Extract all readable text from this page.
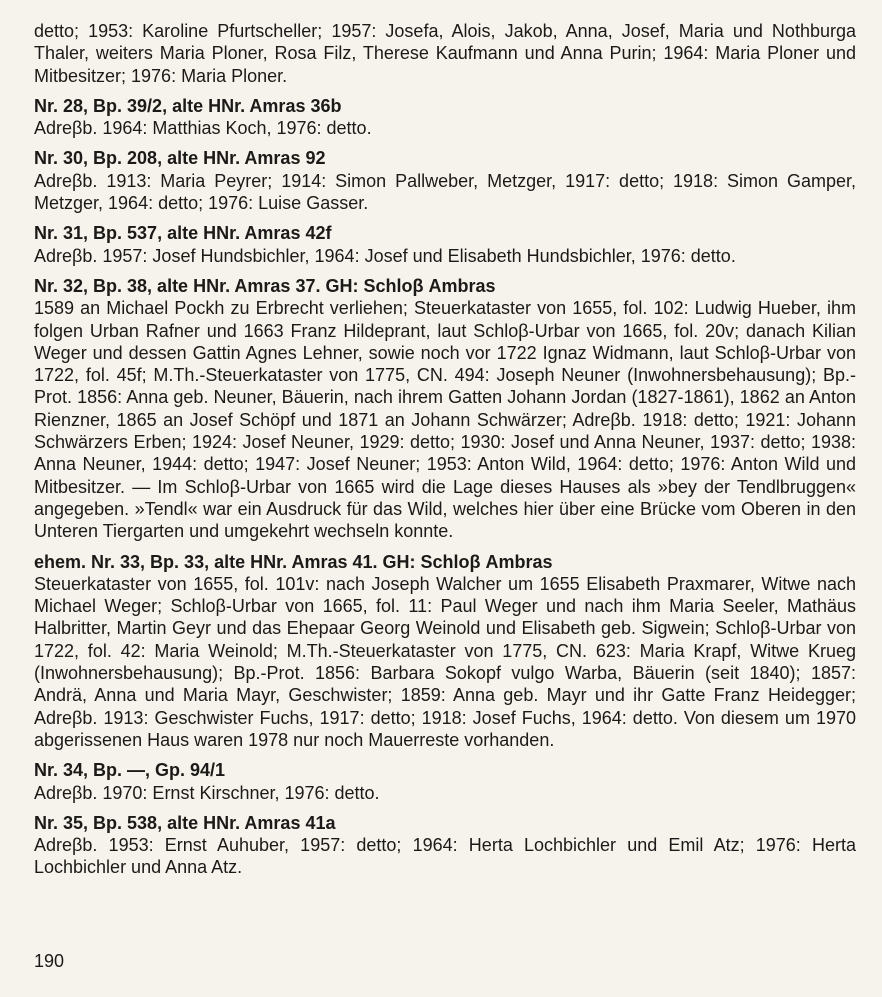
detto; 1953: Karoline Pfurtscheller; 1957: Josefa, Alois, Jakob, Anna, Josef, Maria und Nothburga Thaler, weiters Maria Ploner, Rosa Filz, Therese Kaufmann und Anna Purin; 1964: Maria Ploner und Mitbesitzer; 1976: Maria Ploner.
Nr. 28, Bp. 39/2, alte HNr. Amras 36b
Adreβb. 1964: Matthias Koch, 1976: detto.
Nr. 30, Bp. 208, alte HNr. Amras 92
Adreβb. 1913: Maria Peyrer; 1914: Simon Pallweber, Metzger, 1917: detto; 1918: Simon Gamper, Metzger, 1964: detto; 1976: Luise Gasser.
Nr. 31, Bp. 537, alte HNr. Amras 42f
Adreβb. 1957: Josef Hundsbichler, 1964: Josef und Elisabeth Hundsbichler, 1976: detto.
Nr. 32, Bp. 38, alte HNr. Amras 37. GH: Schloβ Ambras
1589 an Michael Pockh zu Erbrecht verliehen; Steuerkataster von 1655, fol. 102: Ludwig Hueber, ihm folgen Urban Rafner und 1663 Franz Hildeprant, laut Schloβ-Urbar von 1665, fol. 20v; danach Kilian Weger und dessen Gattin Agnes Lehner, sowie noch vor 1722 Ignaz Widmann, laut Schloβ-Urbar von 1722, fol. 45f; M.Th.-Steuerkataster von 1775, CN. 494: Joseph Neuner (Inwohnersbehausung); Bp.-Prot. 1856: Anna geb. Neuner, Bäuerin, nach ihrem Gatten Johann Jordan (1827-1861), 1862 an Anton Rienzner, 1865 an Josef Schöpf und 1871 an Johann Schwärzer; Adreβb. 1918: detto; 1921: Johann Schwärzers Erben; 1924: Josef Neuner, 1929: detto; 1930: Josef und Anna Neuner, 1937: detto; 1938: Anna Neuner, 1944: detto; 1947: Josef Neuner; 1953: Anton Wild, 1964: detto; 1976: Anton Wild und Mitbesitzer. — Im Schloβ-Urbar von 1665 wird die Lage dieses Hauses als »bey der Tendlbruggen« angegeben. »Tendl« war ein Ausdruck für das Wild, welches hier über eine Brücke vom Oberen in den Unteren Tiergarten und umgekehrt wechseln konnte.
ehem. Nr. 33, Bp. 33, alte HNr. Amras 41. GH: Schloβ Ambras
Steuerkataster von 1655, fol. 101v: nach Joseph Walcher um 1655 Elisabeth Praxmarer, Witwe nach Michael Weger; Schloβ-Urbar von 1665, fol. 11: Paul Weger und nach ihm Maria Seeler, Mathäus Halbritter, Martin Geyr und das Ehepaar Georg Weinold und Elisabeth geb. Sigwein; Schloβ-Urbar von 1722, fol. 42: Maria Weinold; M.Th.-Steuerkataster von 1775, CN. 623: Maria Krapf, Witwe Krueg (Inwohnersbehausung); Bp.-Prot. 1856: Barbara Sokopf vulgo Warba, Bäuerin (seit 1840); 1857: Andrä, Anna und Maria Mayr, Geschwister; 1859: Anna geb. Mayr und ihr Gatte Franz Heidegger; Adreβb. 1913: Geschwister Fuchs, 1917: detto; 1918: Josef Fuchs, 1964: detto. Von diesem um 1970 abgerissenen Haus waren 1978 nur noch Mauerreste vorhanden.
Nr. 34, Bp. —, Gp. 94/1
Adreβb. 1970: Ernst Kirschner, 1976: detto.
Nr. 35, Bp. 538, alte HNr. Amras 41a
Adreβb. 1953: Ernst Auhuber, 1957: detto; 1964: Herta Lochbichler und Emil Atz; 1976: Herta Lochbichler und Anna Atz.
190
